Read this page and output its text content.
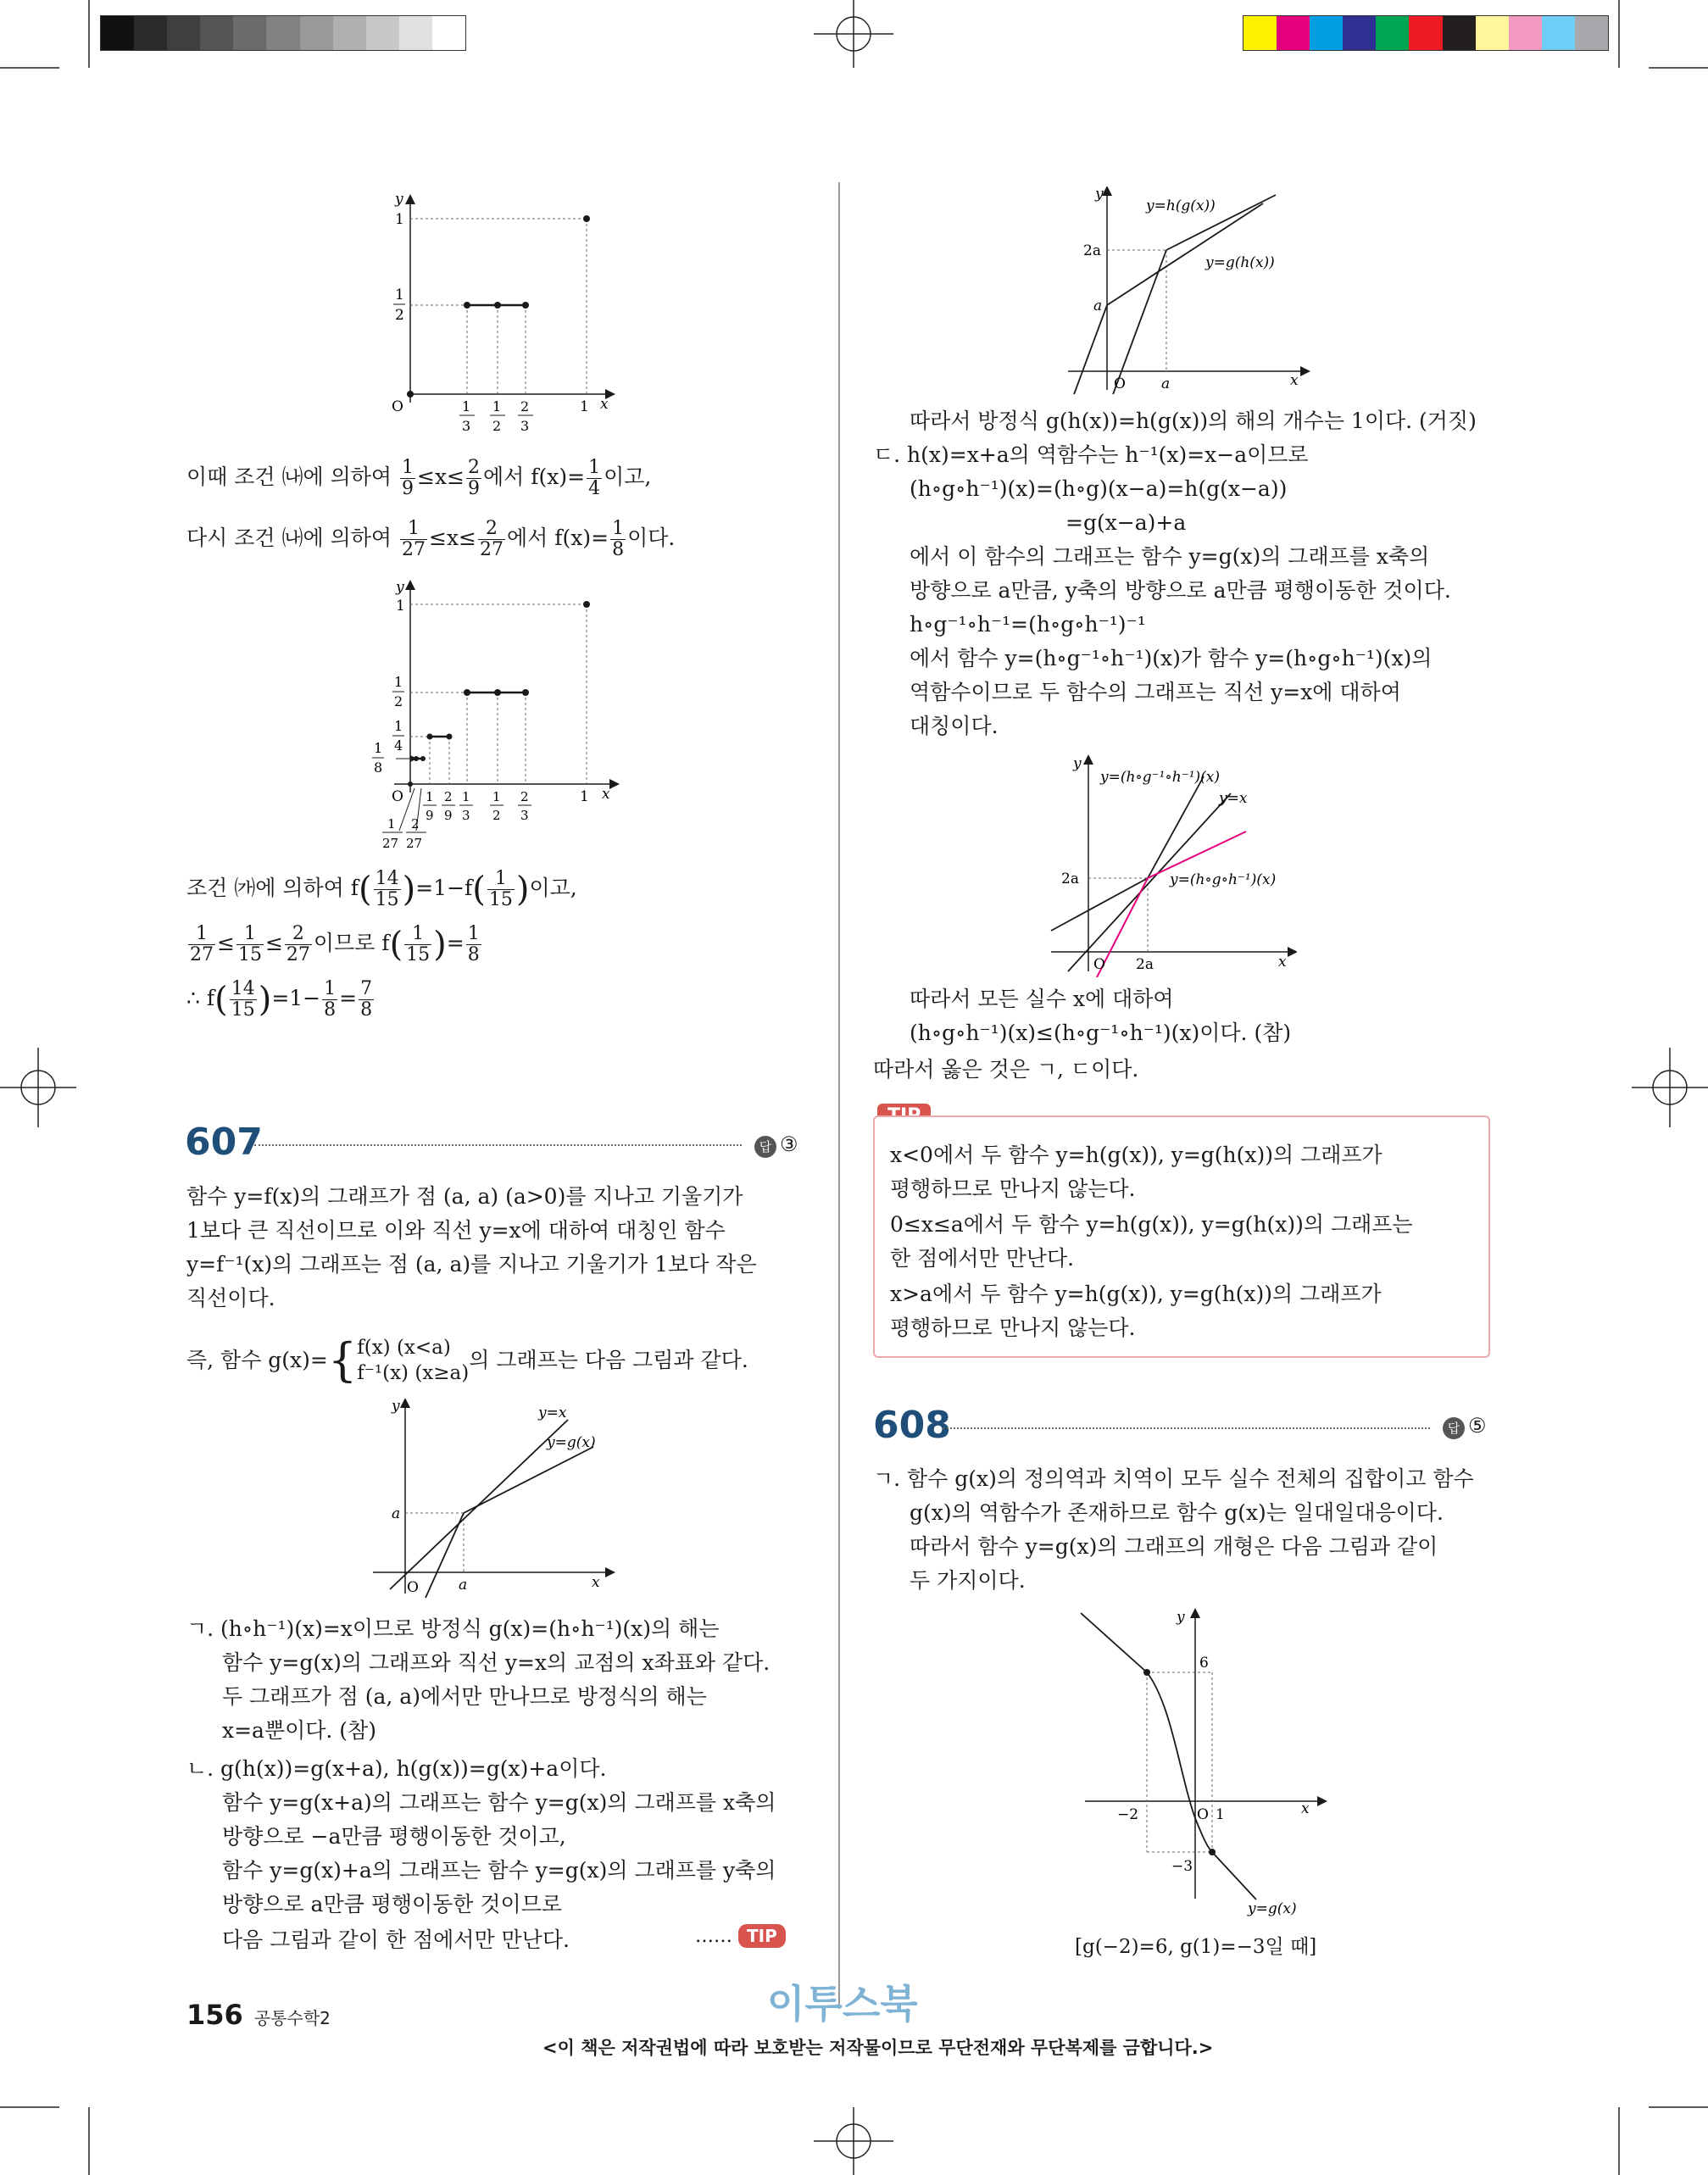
y
1
1
2
O	1 x
1
3
1
2
2
3
이때 조건 ㈏에 의하여 $\frac{1}{9} \le x\le \frac{2}{9}$ 에서 $f(x)= \frac{1}{4}$ 이고,
다시 조건 ㈏에 의하여 $\frac{1}{27} \le x\le \frac{2}{27}$ 에서 $f(x)= \frac{1}{8}$ 이다.
y
1
1
2
1
4
1
8
O	1 x
1
9
2
9
1
3
1
2
2
3
1
27
2
27
조건 ㈎에 의하여 $f( \frac{14}{15} )=1-f( \frac{1}{15}$ )이고,
$\frac{1}{27} \le \frac{1}{15} \le \frac{2}{27}$ 이므로 $f( \frac{1}{15}$ )= $\frac{1}{8}$
∴ $f( \frac{14}{15} )=1- \frac{1}{8} = \frac{7}{8}$
607	답 ③
함수 y=f(x)의 그래프가 점 (a, a) (a>0)를 지나고 기울기가
1보다 큰 직선이므로 이와 직선 y=x에 대하여 대칭인 함수
y=f⁻¹(x)의 그래프는 점 (a, a)를 지나고 기울기가 1보다 작은
직선이다.
즉, 함수 g(x)={ f(x) (x<a)
f⁻¹(x) (x≥a)
의 그래프는 다음 그림과 같다.
y=x
y=g(x)
y
a
a
O	x
ㄱ. (h∘h⁻¹)(x)=x이므로 방정식 g(x)=(h∘h⁻¹)(x)의 해는
함수 y=g(x)의 그래프와 직선 y=x의 교점의 x좌표와 같다.
두 그래프가 점 (a, a)에서만 만나므로 방정식의 해는
x=a뿐이다. (참)
ㄴ. g(h(x))=g(x+a), h(g(x))=g(x)+a이다.
함수 y=g(x+a)의 그래프는 함수 y=g(x)의 그래프를 x축의
방향으로 −a만큼 평행이동한 것이고,
함수 y=g(x)+a의 그래프는 함수 y=g(x)의 그래프를 y축의
방향으로 a만큼 평행이동한 것이므로
다음 그림과 같이 한 점에서만 만난다.	…… TIP
y=h(g(x))
y=g(h(x))
y
2a
a
a
O	x
따라서 방정식 g(h(x))=h(g(x))의 해의 개수는 1이다. (거짓)
ㄷ. h(x)=x+a의 역함수는 h⁻¹(x)=x−a이므로
(h∘g∘h⁻¹)(x)=(h∘g)(x−a)=h(g(x−a))
=g(x−a)+a
에서 이 함수의 그래프는 함수 y=g(x)의 그래프를 x축의
방향으로 a만큼, y축의 방향으로 a만큼 평행이동한 것이다.
h∘g⁻¹∘h⁻¹=(h∘g∘h⁻¹)⁻¹
에서 함수 y=(h∘g⁻¹∘h⁻¹)(x)가 함수 y=(h∘g∘h⁻¹)(x)의
역함수이므로 두 함수의 그래프는 직선 y=x에 대하여
대칭이다.
y=(h∘g⁻¹∘h⁻¹)(x)
y=x
y=(h∘g∘h⁻¹)(x)
y
2a
2a
O	x
따라서 모든 실수 x에 대하여
(h∘g∘h⁻¹)(x)≤(h∘g⁻¹∘h⁻¹)(x)이다. (참)
따라서 옳은 것은 ㄱ, ㄷ이다.
x<0에서 두 함수 y=h(g(x)), y=g(h(x))의 그래프가
평행하므로 만나지 않는다.
0≤x≤a에서 두 함수 y=h(g(x)), y=g(h(x))의 그래프는
한 점에서만 만난다.
x>a에서 두 함수 y=h(g(x)), y=g(h(x))의 그래프가
평행하므로 만나지 않는다.
608	답 ⑤
ㄱ. 함수 g(x)의 정의역과 치역이 모두 실수 전체의 집합이고 함수
g(x)의 역함수가 존재하므로 함수 g(x)는 일대일대응이다.
따라서 함수 y=g(x)의 그래프의 개형은 다음 그림과 같이
두 가지이다.
y
6
−3
−2	O 1	x
y=g(x)
[g(−2)=6, g(1)=−3일 때]
156 공통수학2	이투스북
<이 책은 저작권법에 따라 보호받는 저작물이므로 무단전재와 무단복제를 금합니다.>
